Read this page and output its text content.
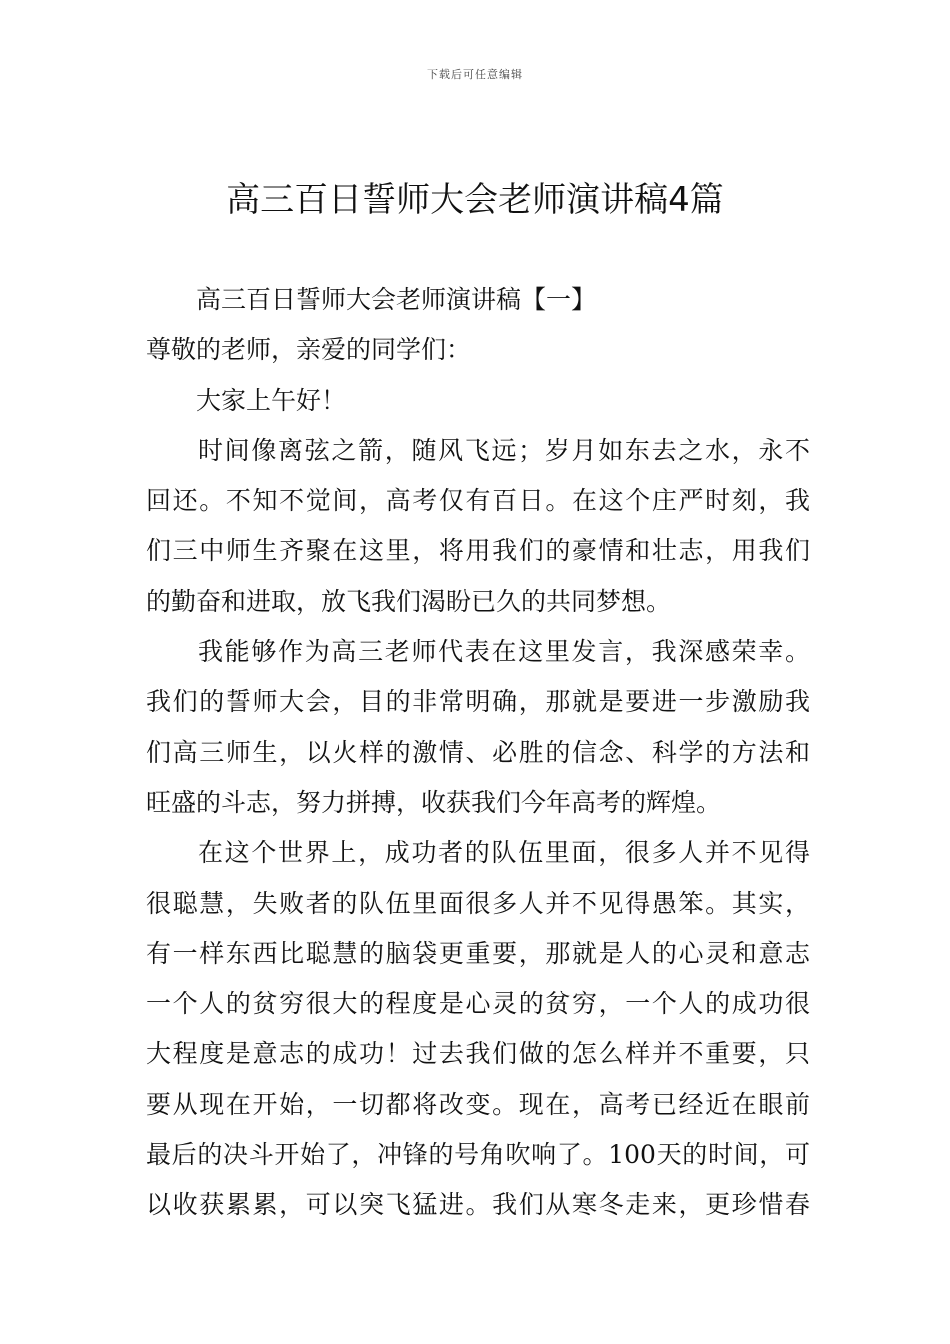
下载后可任意编辑
高三百日誓师大会老师演讲稿4篇

高三百日誓师大会老师演讲稿【一】

尊敬的老师，亲爱的同学们：

大家上午好！

时间像离弦之箭，随风飞远；岁月如东去之水，永不
回还。不知不觉间，高考仅有百日。在这个庄严时刻，我
们三中师生齐聚在这里，将用我们的豪情和壮志，用我们
的勤奋和进取，放飞我们渴盼已久的共同梦想。
我能够作为高三老师代表在这里发言，我深感荣幸。
我们的誓师大会，目的非常明确，那就是要进一步激励我
们高三师生，以火样的激情、必胜的信念、科学的方法和
旺盛的斗志，努力拼搏，收获我们今年高考的辉煌。
在这个世界上，成功者的队伍里面，很多人并不见得
很聪慧，失败者的队伍里面很多人并不见得愚笨。其实，
有一样东西比聪慧的脑袋更重要，那就是人的心灵和意志
一个人的贫穷很大的程度是心灵的贫穷，一个人的成功很
大程度是意志的成功！过去我们做的怎么样并不重要，只
要从现在开始，一切都将改变。现在，高考已经近在眼前
最后的决斗开始了，冲锋的号角吹响了。100天的时间，可
以收获累累，可以突飞猛进。我们从寒冬走来，更珍惜春
